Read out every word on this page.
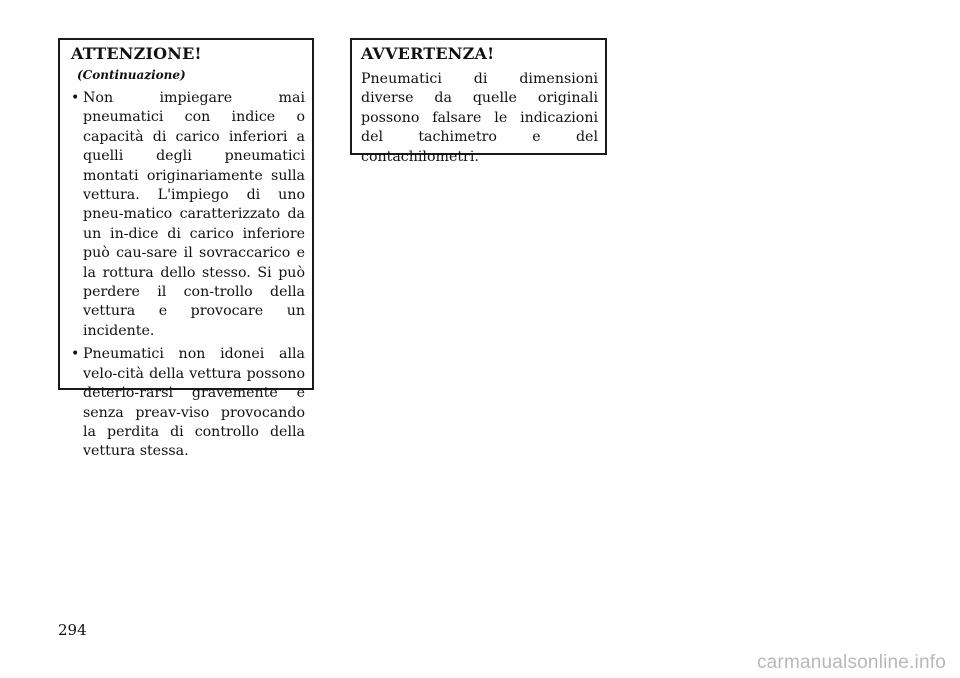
ATTENZIONE!(Continuazione)
• Non impiegare mai pneumatici con indice o capacità di carico inferiori a quelli degli pneumatici montati originariamente sulla vettura. L'impiego di uno pneu-matico caratterizzato da un in-dice di carico inferiore può cau-sare il sovraccarico e la rottura dello stesso. Si può perdere il con-trollo della vettura e provocare un incidente.
• Pneumatici non idonei alla velo-cità della vettura possono deterio-rarsi gravemente e senza preav-viso provocando la perdita di controllo della vettura stessa.
AVVERTENZA!

Pneumatici di dimensioni diverse da quelle originali possono falsare le indicazioni del tachimetro e del contachilometri.

294
carmanualsonline.info
